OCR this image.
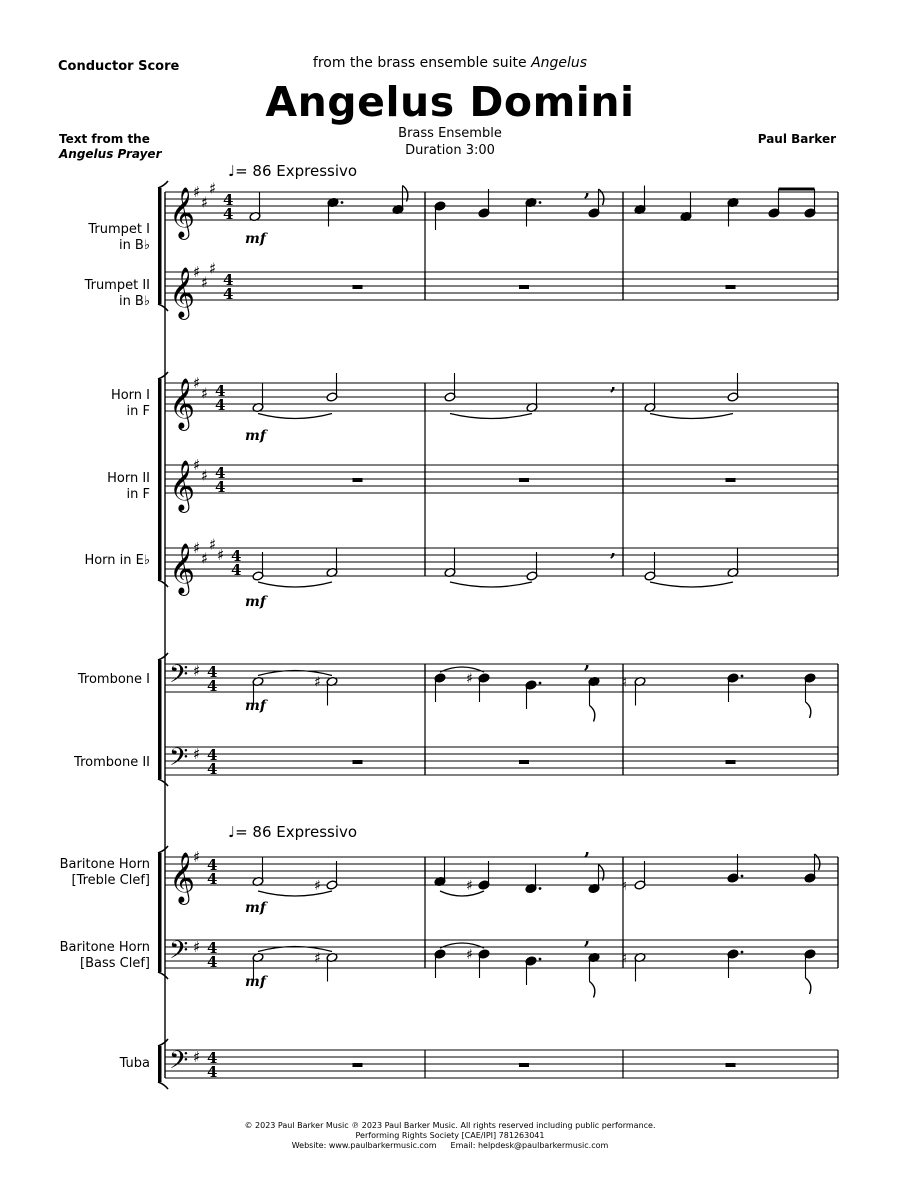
Conductor Score	from the brass ensemble suite Angelus
Angelus Domini
Brass Ensemble
Duration 3:00
Text from the
Angelus Prayer
Paul Barker
Trumpet I
in B♭
Trumpet II
in B♭
Horn I
in F
Horn II
in F
Horn in E♭
Trombone I
Trombone II
Baritone Horn
[Treble Clef]
Baritone Horn
[Bass Clef]
Tuba
𝄞
♯
♯
♯
4
4
𝄞
♯
♯
♯
4
4
𝄞
♯
♯ 4
4
𝄞
♯
♯ 4
4
𝄞
♯
♯
♯
♯ 4
4
𝄢 ♯ 4
4
𝄢 ♯ 4
4
𝄞
♯ 4
4
𝄢 ♯ 4
4
𝄢 ♯ 4
4
,
,
,
♯	♯
,
♮
♯	♯
,
♮
♯	♯
,
♮
♩= 86 Expressivo
♩= 86 Expressivo
mf
mf
mf
mf
mf
mf
© 2023 Paul Barker Music ℗ 2023 Paul Barker Music. All rights reserved including public performance.
Performing Rights Society [CAE/IPI] 781263041
Website: www.paulbarkermusic.com Email: helpdesk@paulbarkermusic.com
